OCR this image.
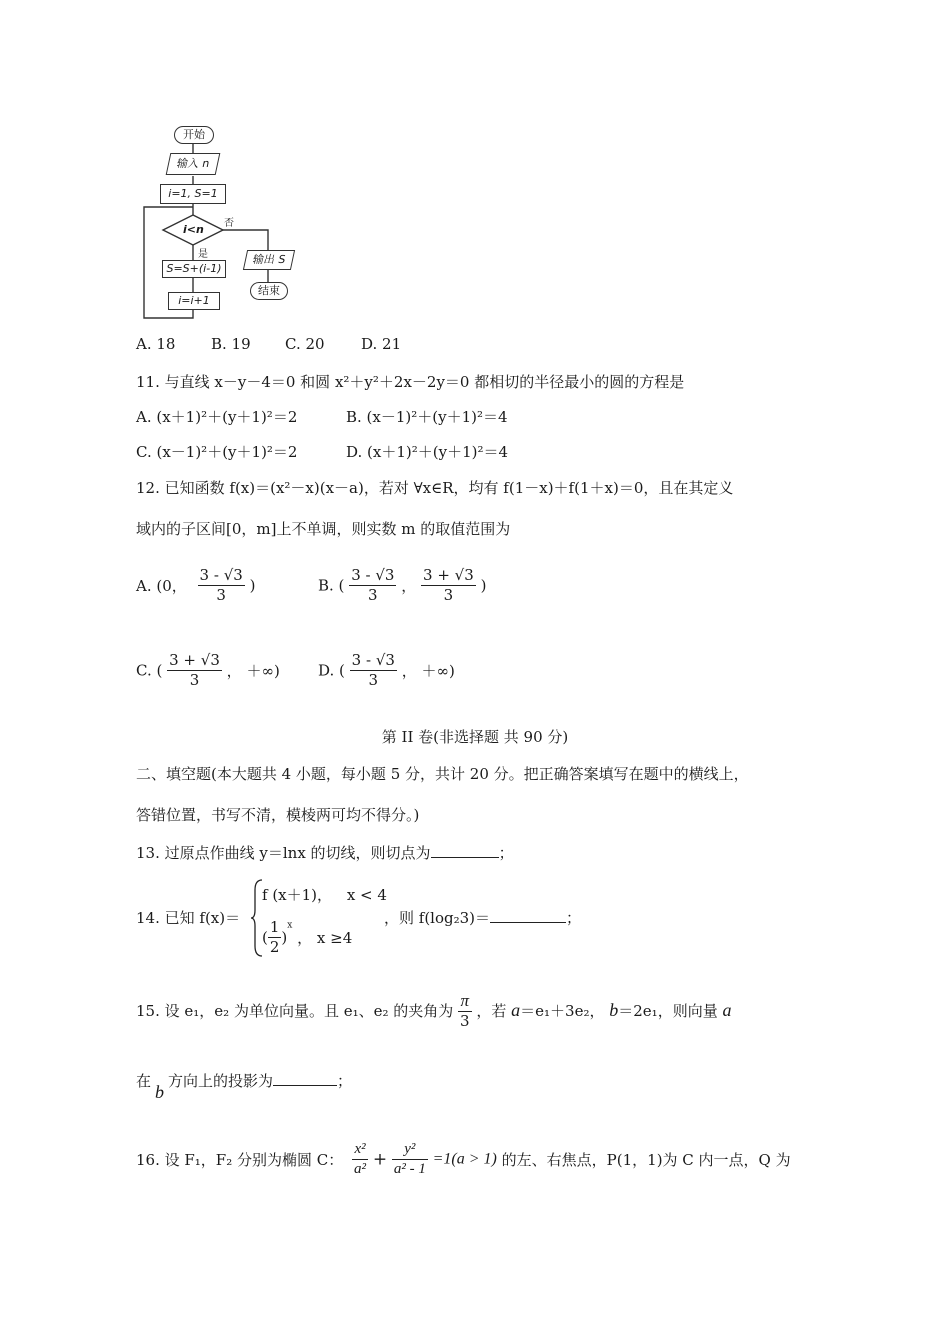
开始
输入 n
i=1, S=1
i<n 否
是
S=S+(i-1)
i=i+1
输出 S
结束
A. 18 B. 19 C. 20 D. 21
11. 与直线 x－y－4＝0 和圆 x²＋y²＋2x－2y＝0 都相切的半径最小的圆的方程是
A. (x＋1)²＋(y＋1)²＝2	B. (x－1)²＋(y＋1)²＝4
C. (x－1)²＋(y＋1)²＝2	D. (x＋1)²＋(y＋1)²＝4
12. 已知函数 f(x)＝(x²－x)(x－a)，若对 ∀x∈R，均有 f(1－x)＋f(1＋x)＝0，且在其定义
域内的子区间[0，m]上不单调，则实数 m 的取值范围为
A. (0， $\frac{3 - √3}{3}$ )	B. ( $\frac{3 - √3}{3}$ ， $\frac{3 + √3}{3}$ )
C. ( $\frac{3 + √3}{3}$ ， ＋∞)	D. ( $\frac{3 - √3}{3}$ ， ＋∞)
第 II 卷(非选择题 共 90 分)
二、填空题(本大题共 4 小题，每小题 5 分，共计 20 分。把正确答案填写在题中的横线上，
答错位置，书写不清，模棱两可均不得分。)
13. 过原点作曲线 y＝lnx 的切线，则切点为	；
14. 已知 f(x)＝
f (x＋1)， x < 4
( $\frac{1}{2} )^x$ ， x ≥4
，则 f(log₂3)＝	；
15. 设 e₁，e₂ 为单位向量。且 e₁、e₂ 的夹角为 $\frac{\pi}{3}$ ，若 a＝e₁＋3e₂， b＝2e₁，则向量 a
在b方向上的投影为	；
16. 设 F₁，F₂ 分别为椭圆 C： $\frac{\text{x²}}{\text{a²}} + \frac{\text{y²}}{\text{a² - 1}} =1(a > 1)$ 的左、右焦点，P(1，1)为 C 内一点，Q 为
